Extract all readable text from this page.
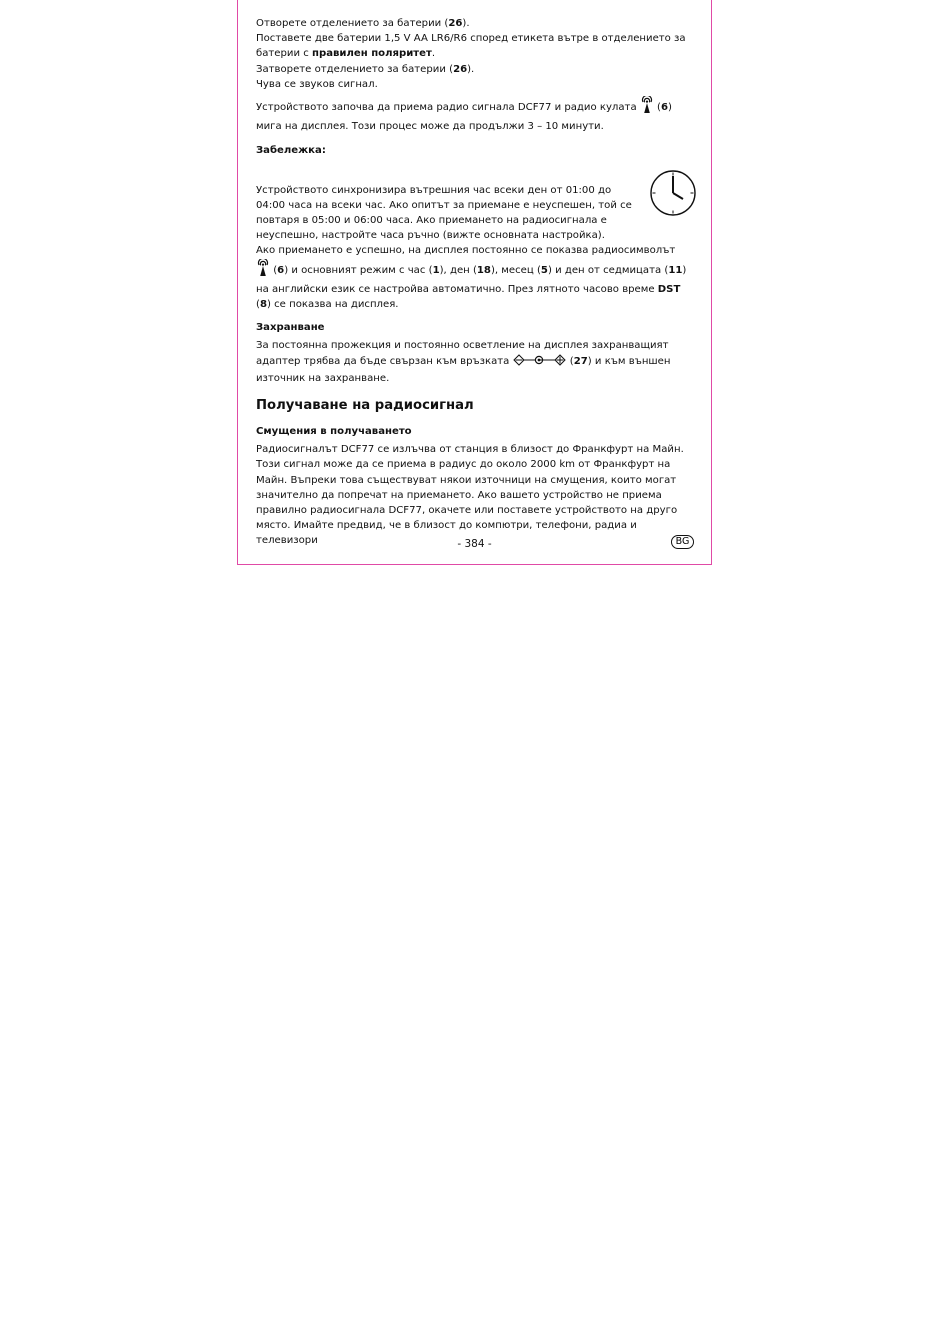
Отворете отделението за батерии (26).

Поставете две батерии 1,5 V AA LR6/R6 според етикета вътре в отделението за батерии с правилен поляритет.

Затворете отделението за батерии (26).

Чува се звуков сигнал.

Устройството започва да приема радио сигнала DCF77 и радио кулата  (6) мига на дисплея. Този процес може да продължи 3 – 10 минути.

Забележка:

Устройството синхронизира вътрешния час всеки ден от 01:00 до 04:00 часа на всеки час. Ако опитът за приемане е неуспешен, той се повтаря в 05:00 и 06:00 часа. Ако приемането на радиосигнала е неуспешно, настройте часа ръчно (вижте основната настройка).

Ако приемането е успешно, на дисплея постоянно се показва радиосимволът

(6) и основният режим с час (1), ден (18), месец (5) и ден от седмицата (11) на английски език се настройва автоматично. През лятното часово време DST (8) се показва на дисплея.

Захранване

За постоянна прожекция и постоянно осветление на дисплея захранващият адаптер трябва да бъде свързан към връзката	(27) и към външен източник на захранване.

Получаване на радиосигнал
Смущения в получаването

Радиосигналът DCF77 се излъчва от станция в близост до Франкфурт на Майн. Този сигнал може да се приема в радиус до около 2000 km от Франкфурт на Майн. Въпреки това съществуват някои източници на смущения, които могат значително да попречат на приемането. Ако вашето устройство не приема правилно радиосигнала DCF77, окачете или поставете устройството на друго място. Имайте предвид, че в близост до компютри, телефони, радиа и телевизори	- 384 -	BG
